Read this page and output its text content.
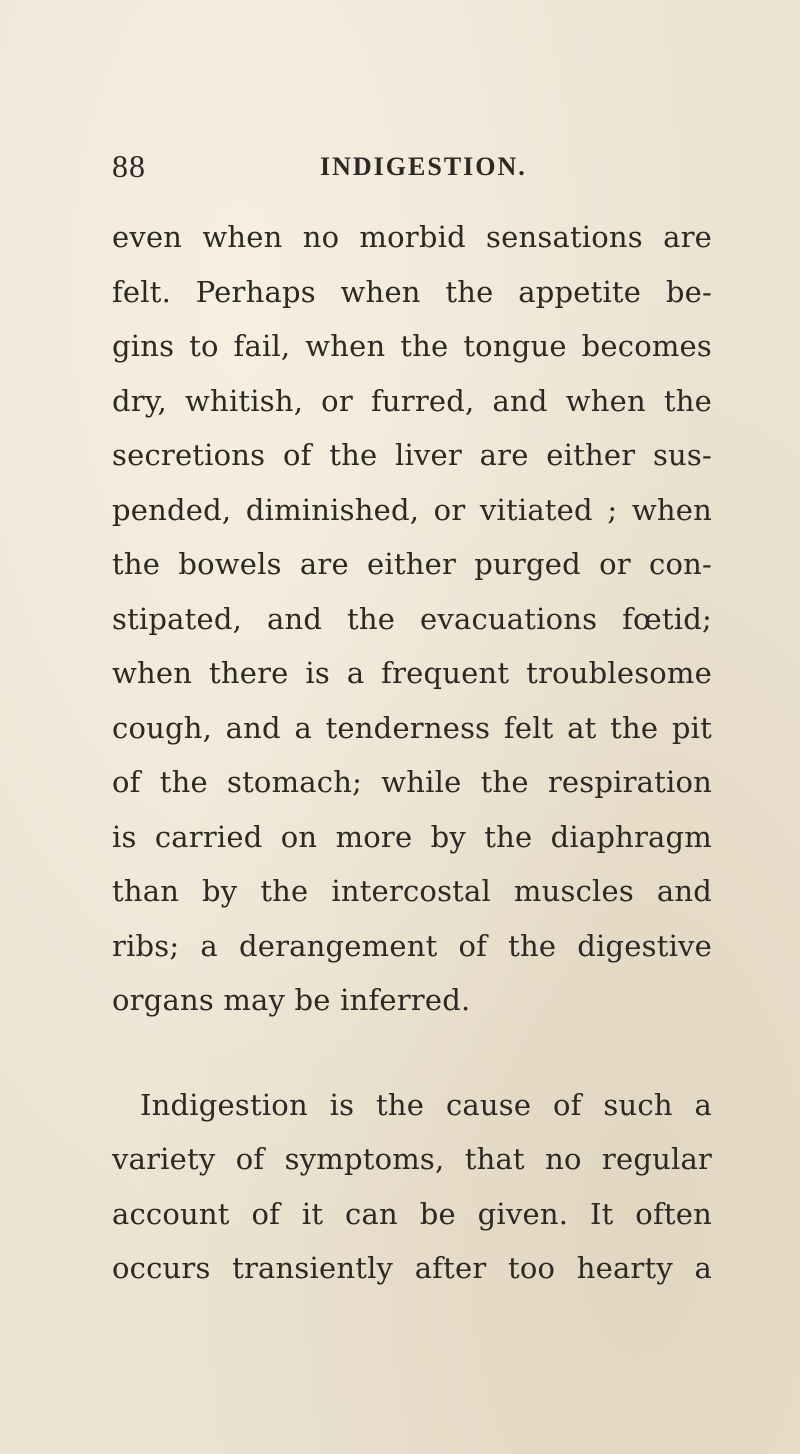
88	INDIGESTION.
even when no morbid sensations are
felt. Perhaps when the appetite be-
gins to fail, when the tongue becomes
dry, whitish, or furred, and when the
secretions of the liver are either sus-
pended, diminished, or vitiated ; when
the bowels are either purged or con-
stipated, and the evacuations fœtid;
when there is a frequent troublesome
cough, and a tenderness felt at the pit
of the stomach; while the respiration
is carried on more by the diaphragm
than by the intercostal muscles and
ribs; a derangement of the digestive
organs may be inferred.
Indigestion is the cause of such a
variety of symptoms, that no regular
account of it can be given. It often
occurs transiently after too hearty a
